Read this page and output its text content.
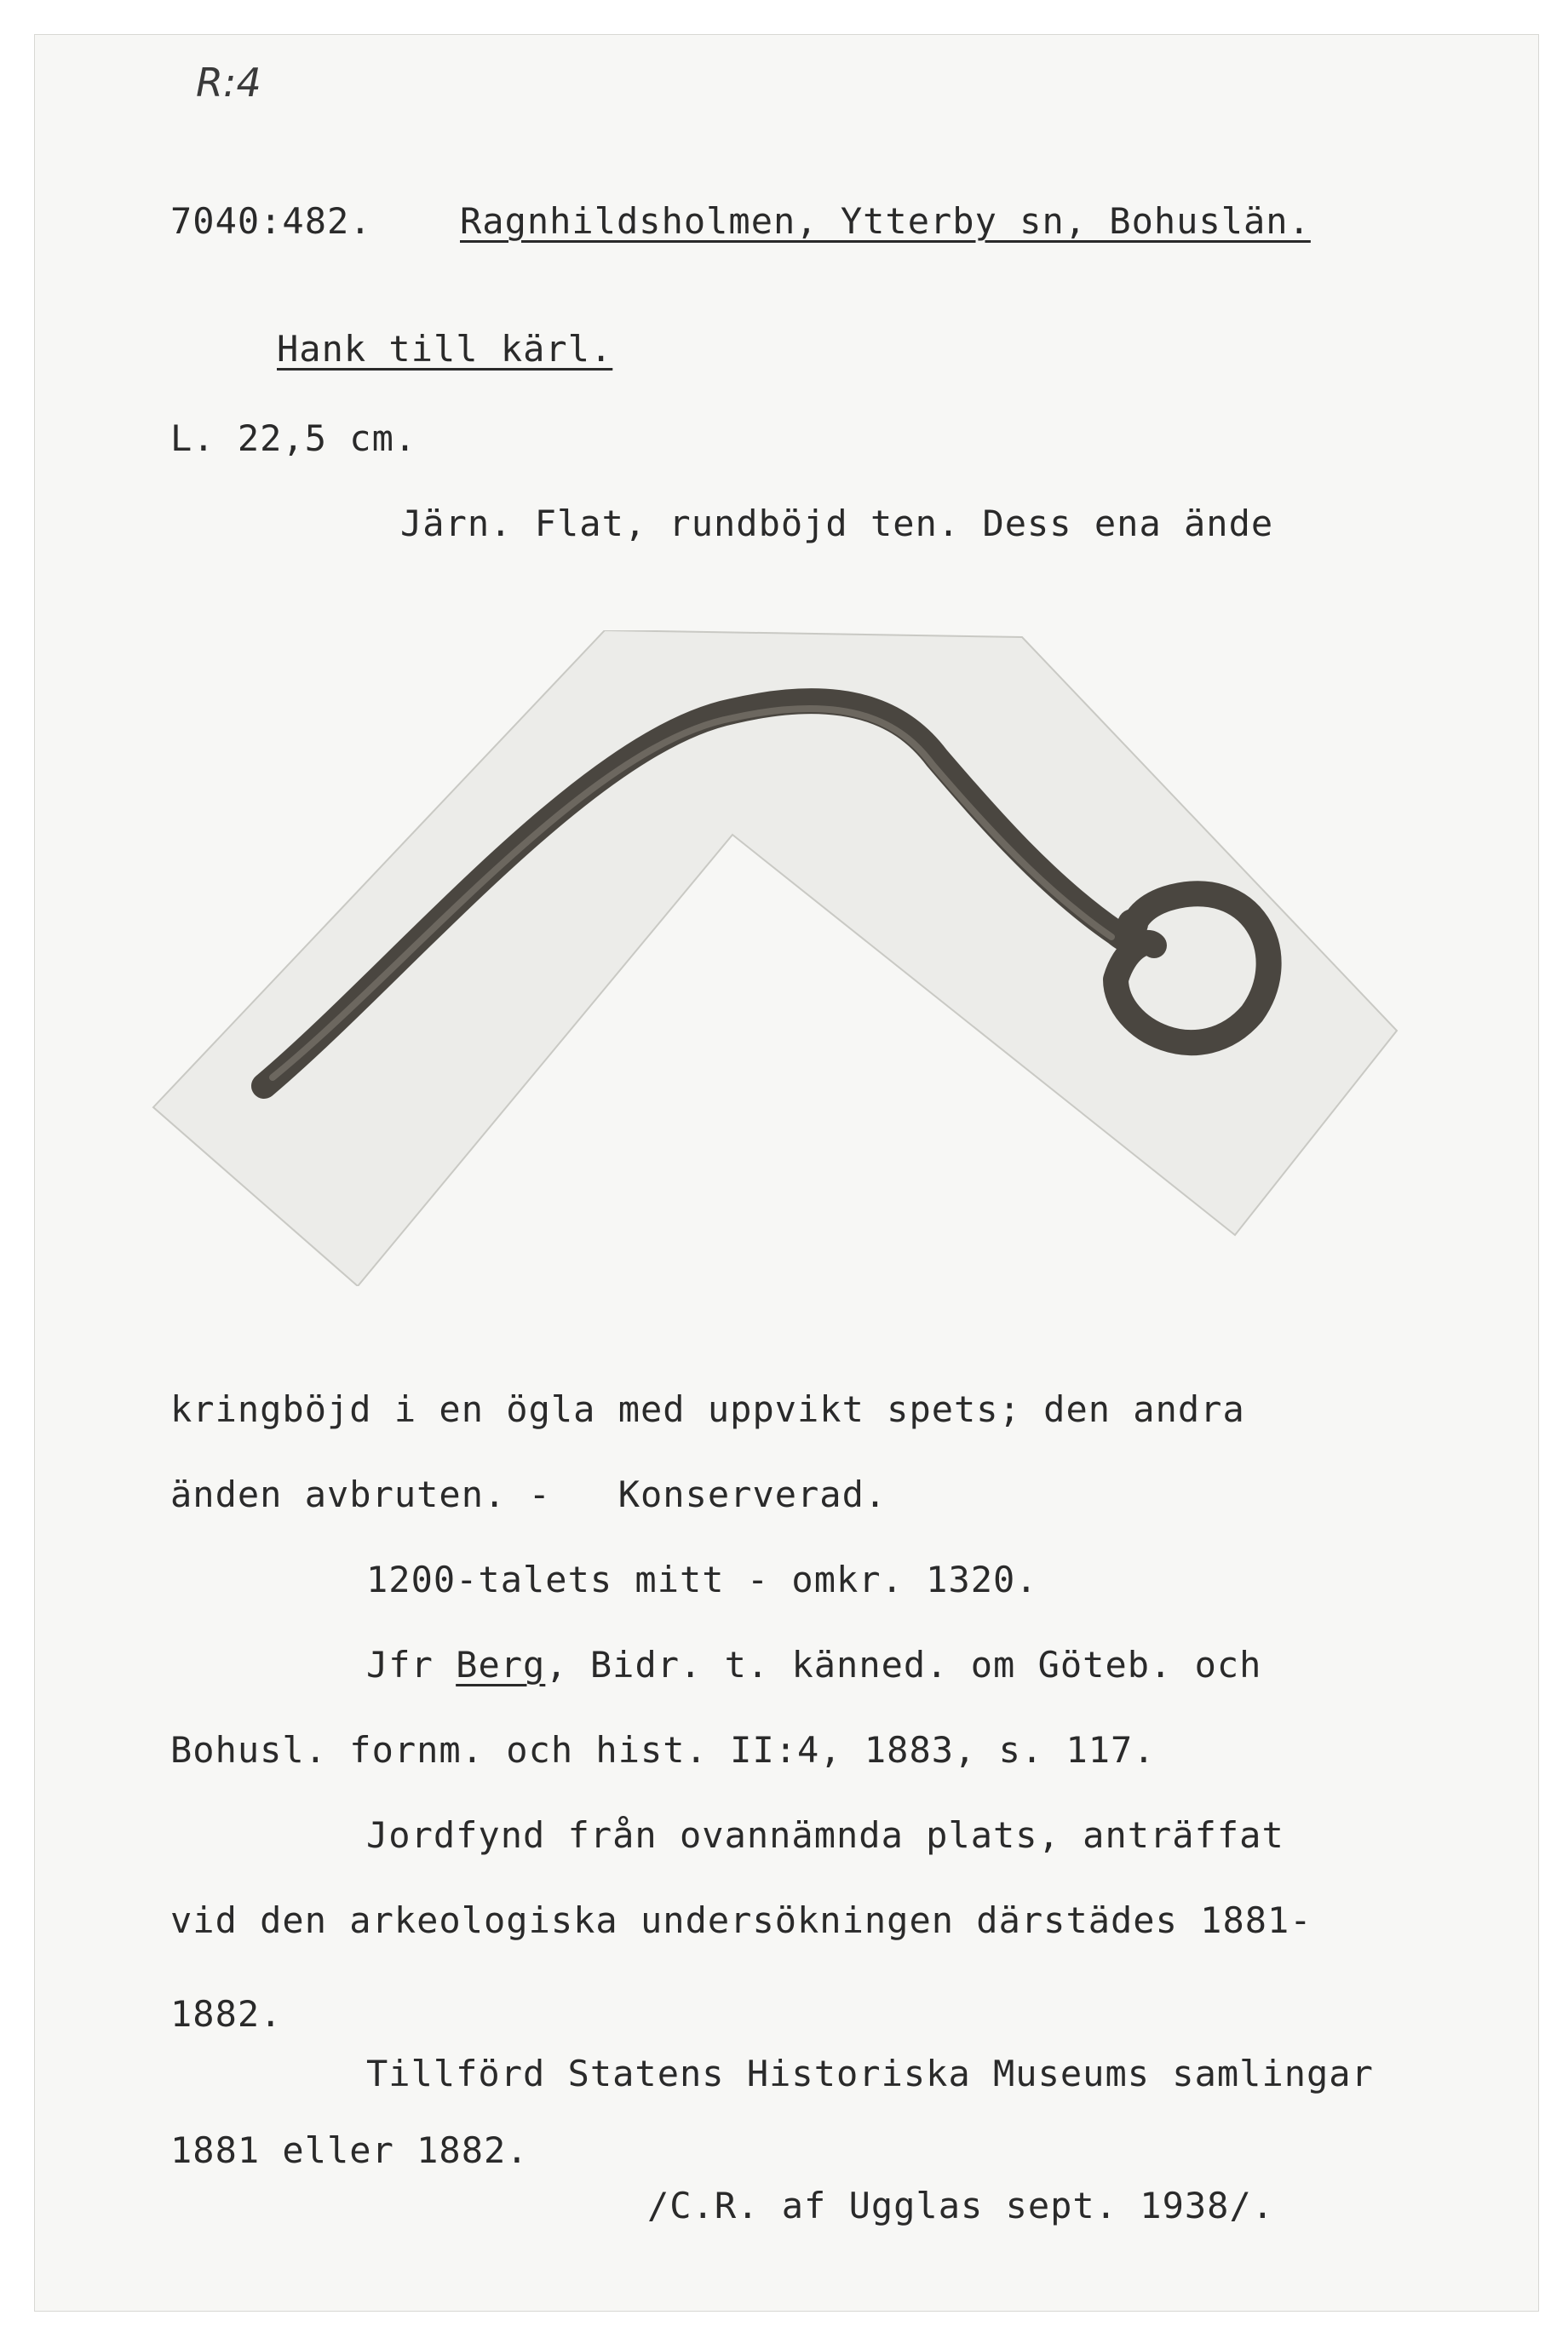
R:4
7040:482. Ragnhildsholmen, Ytterby sn, Bohuslän.
Hank till kärl.
L. 22,5 cm.
Järn. Flat, rundböjd ten. Dess ena ände
kringböjd i en ögla med uppvikt spets; den andra
änden avbruten. -   Konserverad.
1200-talets mitt - omkr. 1320.
Jfr Berg, Bidr. t. känned. om Göteb. och
Bohusl. fornm. och hist. II:4, 1883, s. 117.
Jordfynd från ovannämnda plats, anträffat
vid den arkeologiska undersökningen därstädes 1881-
1882.
Tillförd Statens Historiska Museums samlingar
1881 eller 1882.
/C.R. af Ugglas sept. 1938/.
